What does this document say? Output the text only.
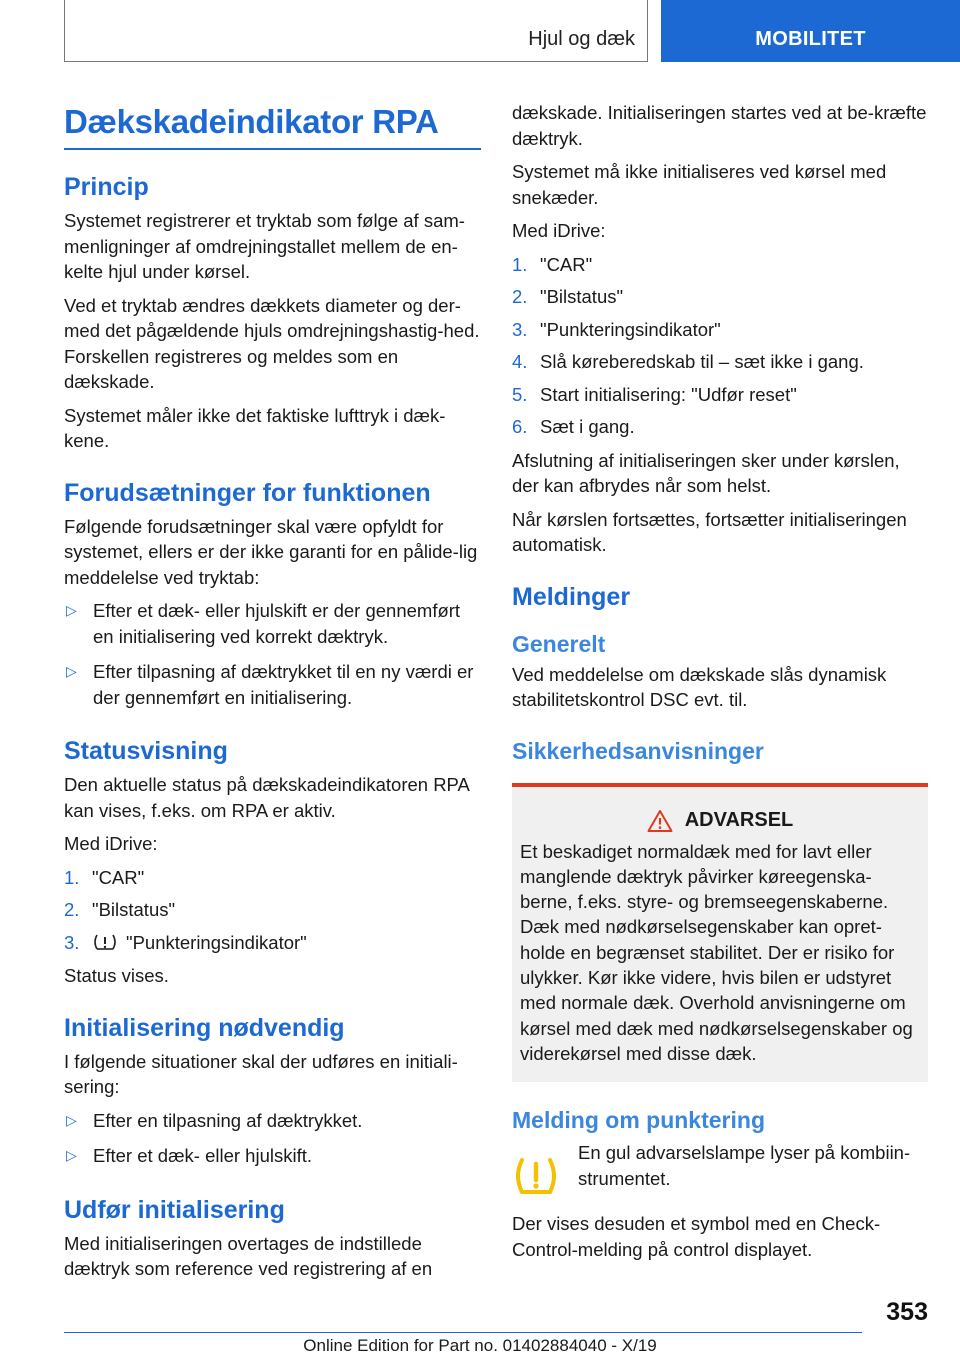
Hjul og dæk	MOBILITET
Dækskadeindikator RPA
Princip

Systemet registrerer et tryktab som følge af sam-menligninger af omdrejningstallet mellem de en-kelte hjul under kørsel.

Ved et tryktab ændres dækkets diameter og der-med det pågældende hjuls omdrejningshastig-hed. Forskellen registreres og meldes som en dækskade.

Systemet måler ikke det faktiske lufttryk i dæk-kene.

Forudsætninger for funktionen

Følgende forudsætninger skal være opfyldt for systemet, ellers er der ikke garanti for en pålide-lig meddelelse ved tryktab:

▷ Efter et dæk- eller hjulskift er der gennemført en initialisering ved korrekt dæktryk.
▷ Efter tilpasning af dæktrykket til en ny værdi er der gennemført en initialisering.
Statusvisning

Den aktuelle status på dækskadeindikatoren RPA kan vises, f.eks. om RPA er aktiv.

Med iDrive:

1. "CAR"
2. "Bilstatus"
3.	"Punkteringsindikator"

Status vises.

Initialisering nødvendig

I følgende situationer skal der udføres en initiali-sering:

▷ Efter en tilpasning af dæktrykket.
▷ Efter et dæk- eller hjulskift.
Udfør initialisering

Med initialiseringen overtages de indstillede dæktryk som reference ved registrering af en

dækskade. Initialiseringen startes ved at be-kræfte dæktryk.

Systemet må ikke initialiseres ved kørsel med snekæder.

Med iDrive:

1. "CAR"
2. "Bilstatus"
3. "Punkteringsindikator"
4. Slå køreberedskab til – sæt ikke i gang.
5. Start initialisering: "Udfør reset"
6. Sæt i gang.

Afslutning af initialiseringen sker under kørslen, der kan afbrydes når som helst.

Når kørslen fortsættes, fortsætter initialiseringen automatisk.

Meldinger
Generelt

Ved meddelelse om dækskade slås dynamisk stabilitetskontrol DSC evt. til.

Sikkerhedsanvisninger
ADVARSEL

Et beskadiget normaldæk med for lavt eller manglende dæktryk påvirker køreegenska-berne, f.eks. styre- og bremseegenskaberne. Dæk med nødkørselsegenskaber kan opret-holde en begrænset stabilitet. Der er risiko for ulykker. Kør ikke videre, hvis bilen er udstyret med normale dæk. Overhold anvisningerne om kørsel med dæk med nødkørselsegenskaber og viderekørsel med disse dæk.

Melding om punktering

En gul advarselslampe lyser på kombiin-strumentet.

Der vises desuden et symbol med en Check-Control-melding på control displayet.

353
Online Edition for Part no. 01402884040 - X/19
